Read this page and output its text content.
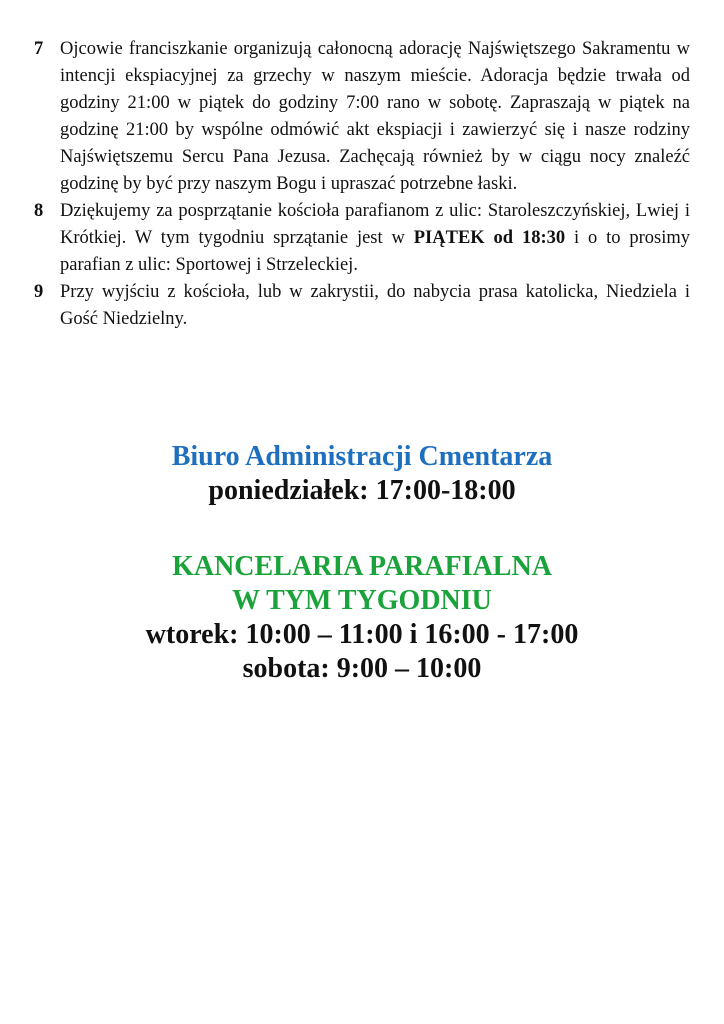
7 Ojcowie franciszkanie organizują całonocną adorację Najświętszego Sakramentu w intencji ekspiacyjnej za grzechy w naszym mieście. Adoracja będzie trwała od godziny 21:00 w piątek do godziny 7:00 rano w sobotę. Zapraszają w piątek na godzinę 21:00 by wspólne odmówić akt ekspiacji i zawierzyć się i nasze rodziny Najświętszemu Sercu Pana Jezusa. Zachęcają również by w ciągu nocy znaleźć godzinę by być przy naszym Bogu i upraszać potrzebne łaski.

8 Dziękujemy za posprzątanie kościoła parafianom z ulic: Staroleszczyńskiej, Lwiej i Krótkiej. W tym tygodniu sprzątanie jest w PIĄTEK od 18:30 i o to prosimy parafian z ulic: Sportowej i Strzeleckiej.

9 Przy wyjściu z kościoła, lub w zakrystii, do nabycia prasa katolicka, Niedziela i Gość Niedzielny.

Biuro Administracji Cmentarza
poniedziałek: 17:00-18:00
KANCELARIA PARAFIALNA
W TYM TYGODNIU
wtorek: 10:00 – 11:00 i 16:00 - 17:00
sobota: 9:00 – 10:00
